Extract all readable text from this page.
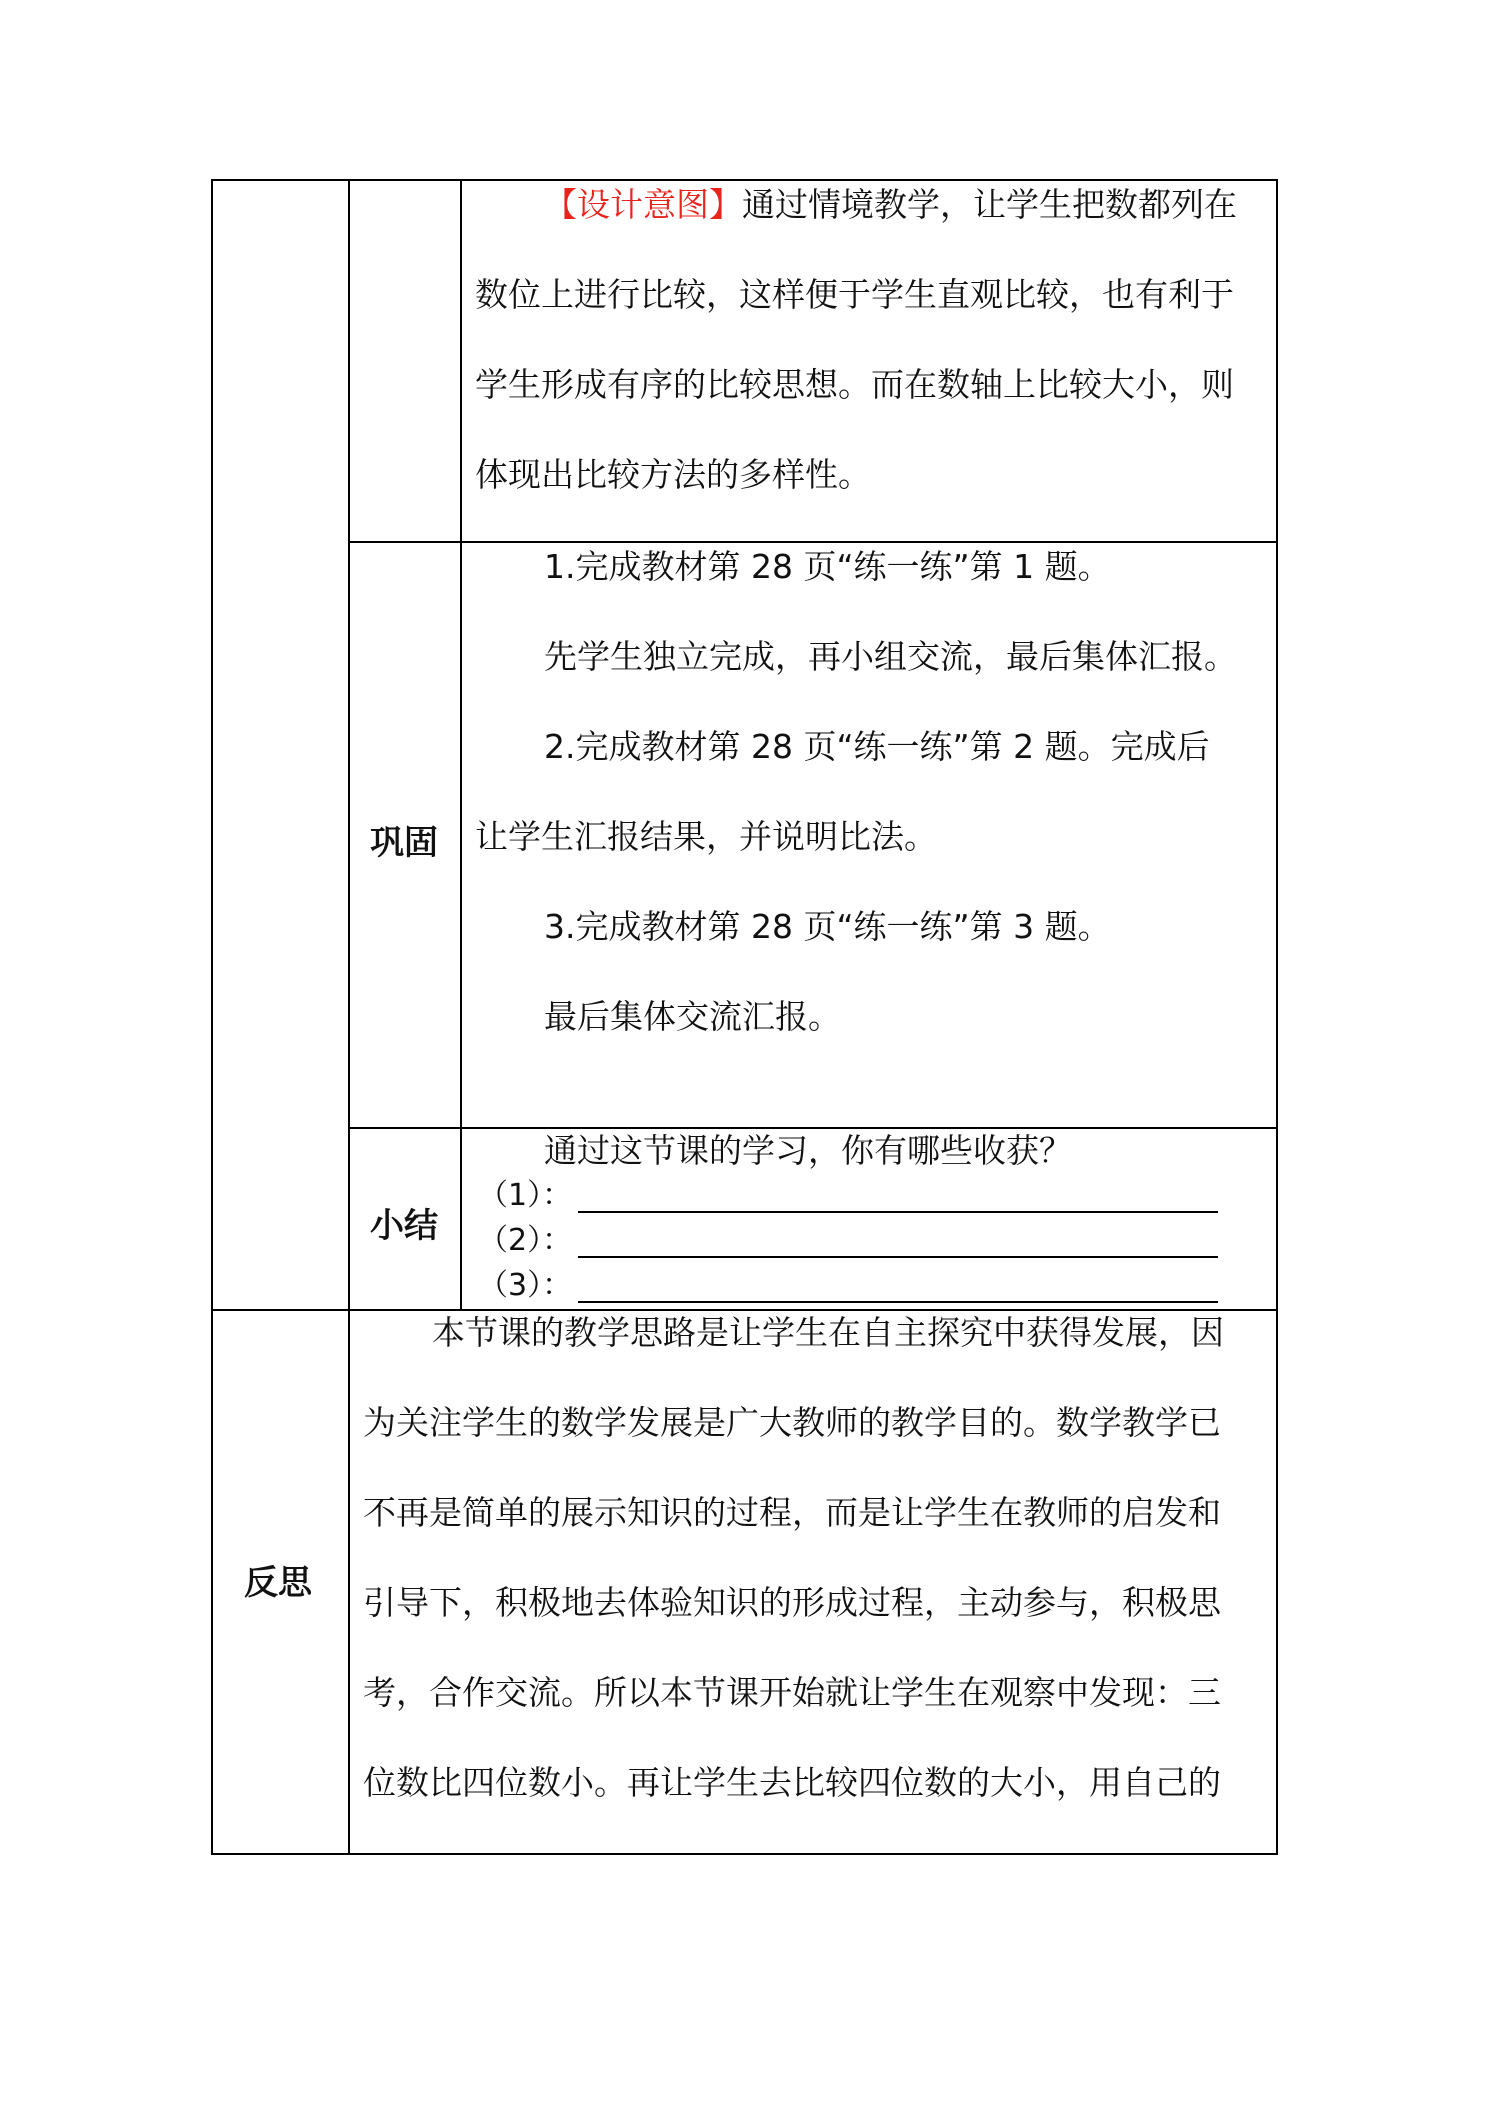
【设计意图】通过情境教学，让学生把数都列在
数位上进行比较，这样便于学生直观比较，也有利于
学生形成有序的比较思想。而在数轴上比较大小，则
体现出比较方法的多样性。
巩固
1.完成教材第 28 页“练一练”第 1 题。
先学生独立完成，再小组交流，最后集体汇报。
2.完成教材第 28 页“练一练”第 2 题。完成后
让学生汇报结果，并说明比法。
3.完成教材第 28 页“练一练”第 3 题。
最后集体交流汇报。
小结
通过这节课的学习，你有哪些收获？
（1）：
（2）：
（3）：
反思
本节课的教学思路是让学生在自主探究中获得发展，因
为关注学生的数学发展是广大教师的教学目的。数学教学已
不再是简单的展示知识的过程，而是让学生在教师的启发和
引导下，积极地去体验知识的形成过程，主动参与，积极思
考，合作交流。所以本节课开始就让学生在观察中发现：三
位数比四位数小。再让学生去比较四位数的大小，用自己的
